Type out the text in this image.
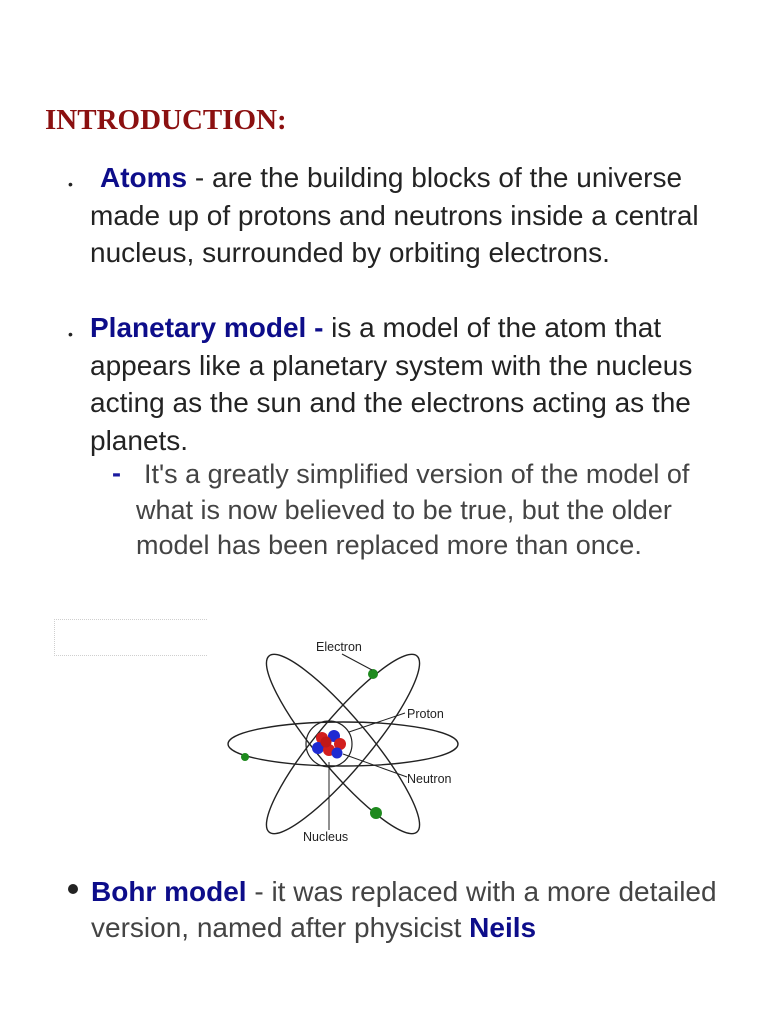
INTRODUCTION:
• Atoms - are the building blocks of the universe made up of protons and neutrons inside a central nucleus, surrounded by orbiting electrons.
• Planetary model - is a model of the atom that appears like a planetary system with the nucleus acting as the sun and the electrons acting as the planets.
- It's a greatly simplified version of the model of what is now believed to be true, but the older model has been replaced more than once.
Electron
Proton
Neutron
Nucleus
Bohr model - it was replaced with a more detailed version, named after physicist Neils
